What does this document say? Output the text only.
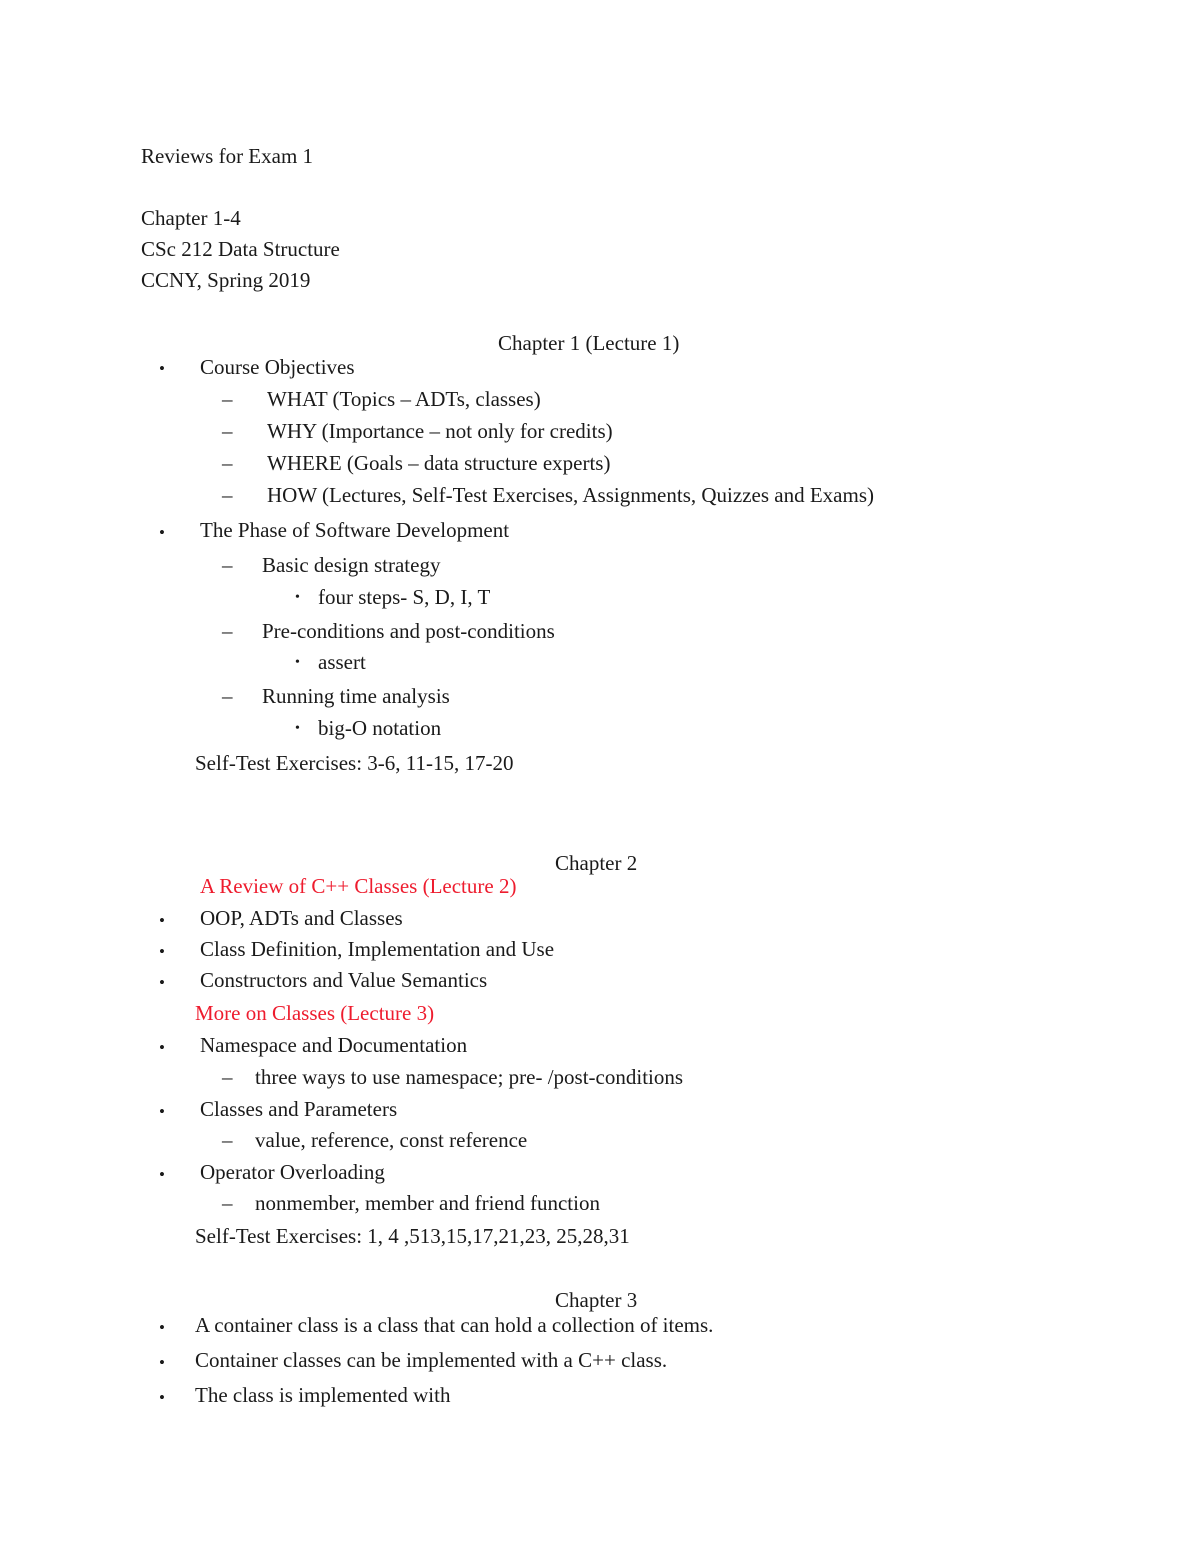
Reviews for Exam 1
Chapter 1-4
CSc 212 Data Structure
CCNY, Spring 2019
Chapter 1 (Lecture 1)
• Course Objectives
– WHAT (Topics – ADTs, classes)
– WHY (Importance – not only for credits)
– WHERE (Goals – data structure experts)
– HOW (Lectures, Self-Test Exercises, Assignments, Quizzes and Exams)
• The Phase of Software Development
– Basic design strategy
• four steps- S, D, I, T
– Pre-conditions and post-conditions
• assert
– Running time analysis
• big-O notation
Self-Test Exercises: 3-6, 11-15, 17-20
Chapter 2
A Review of C++ Classes (Lecture 2)
• OOP, ADTs and Classes
• Class Definition, Implementation and Use
• Constructors and Value Semantics
More on Classes (Lecture 3)
• Namespace and Documentation
– three ways to use namespace; pre- /post-conditions
• Classes and Parameters
– value, reference, const reference
• Operator Overloading
– nonmember, member and friend function
Self-Test Exercises: 1, 4 ,513,15,17,21,23, 25,28,31
Chapter 3
• A container class is a class that can hold a collection of items.
• Container classes can be implemented with a C++ class.
• The class is implemented with
